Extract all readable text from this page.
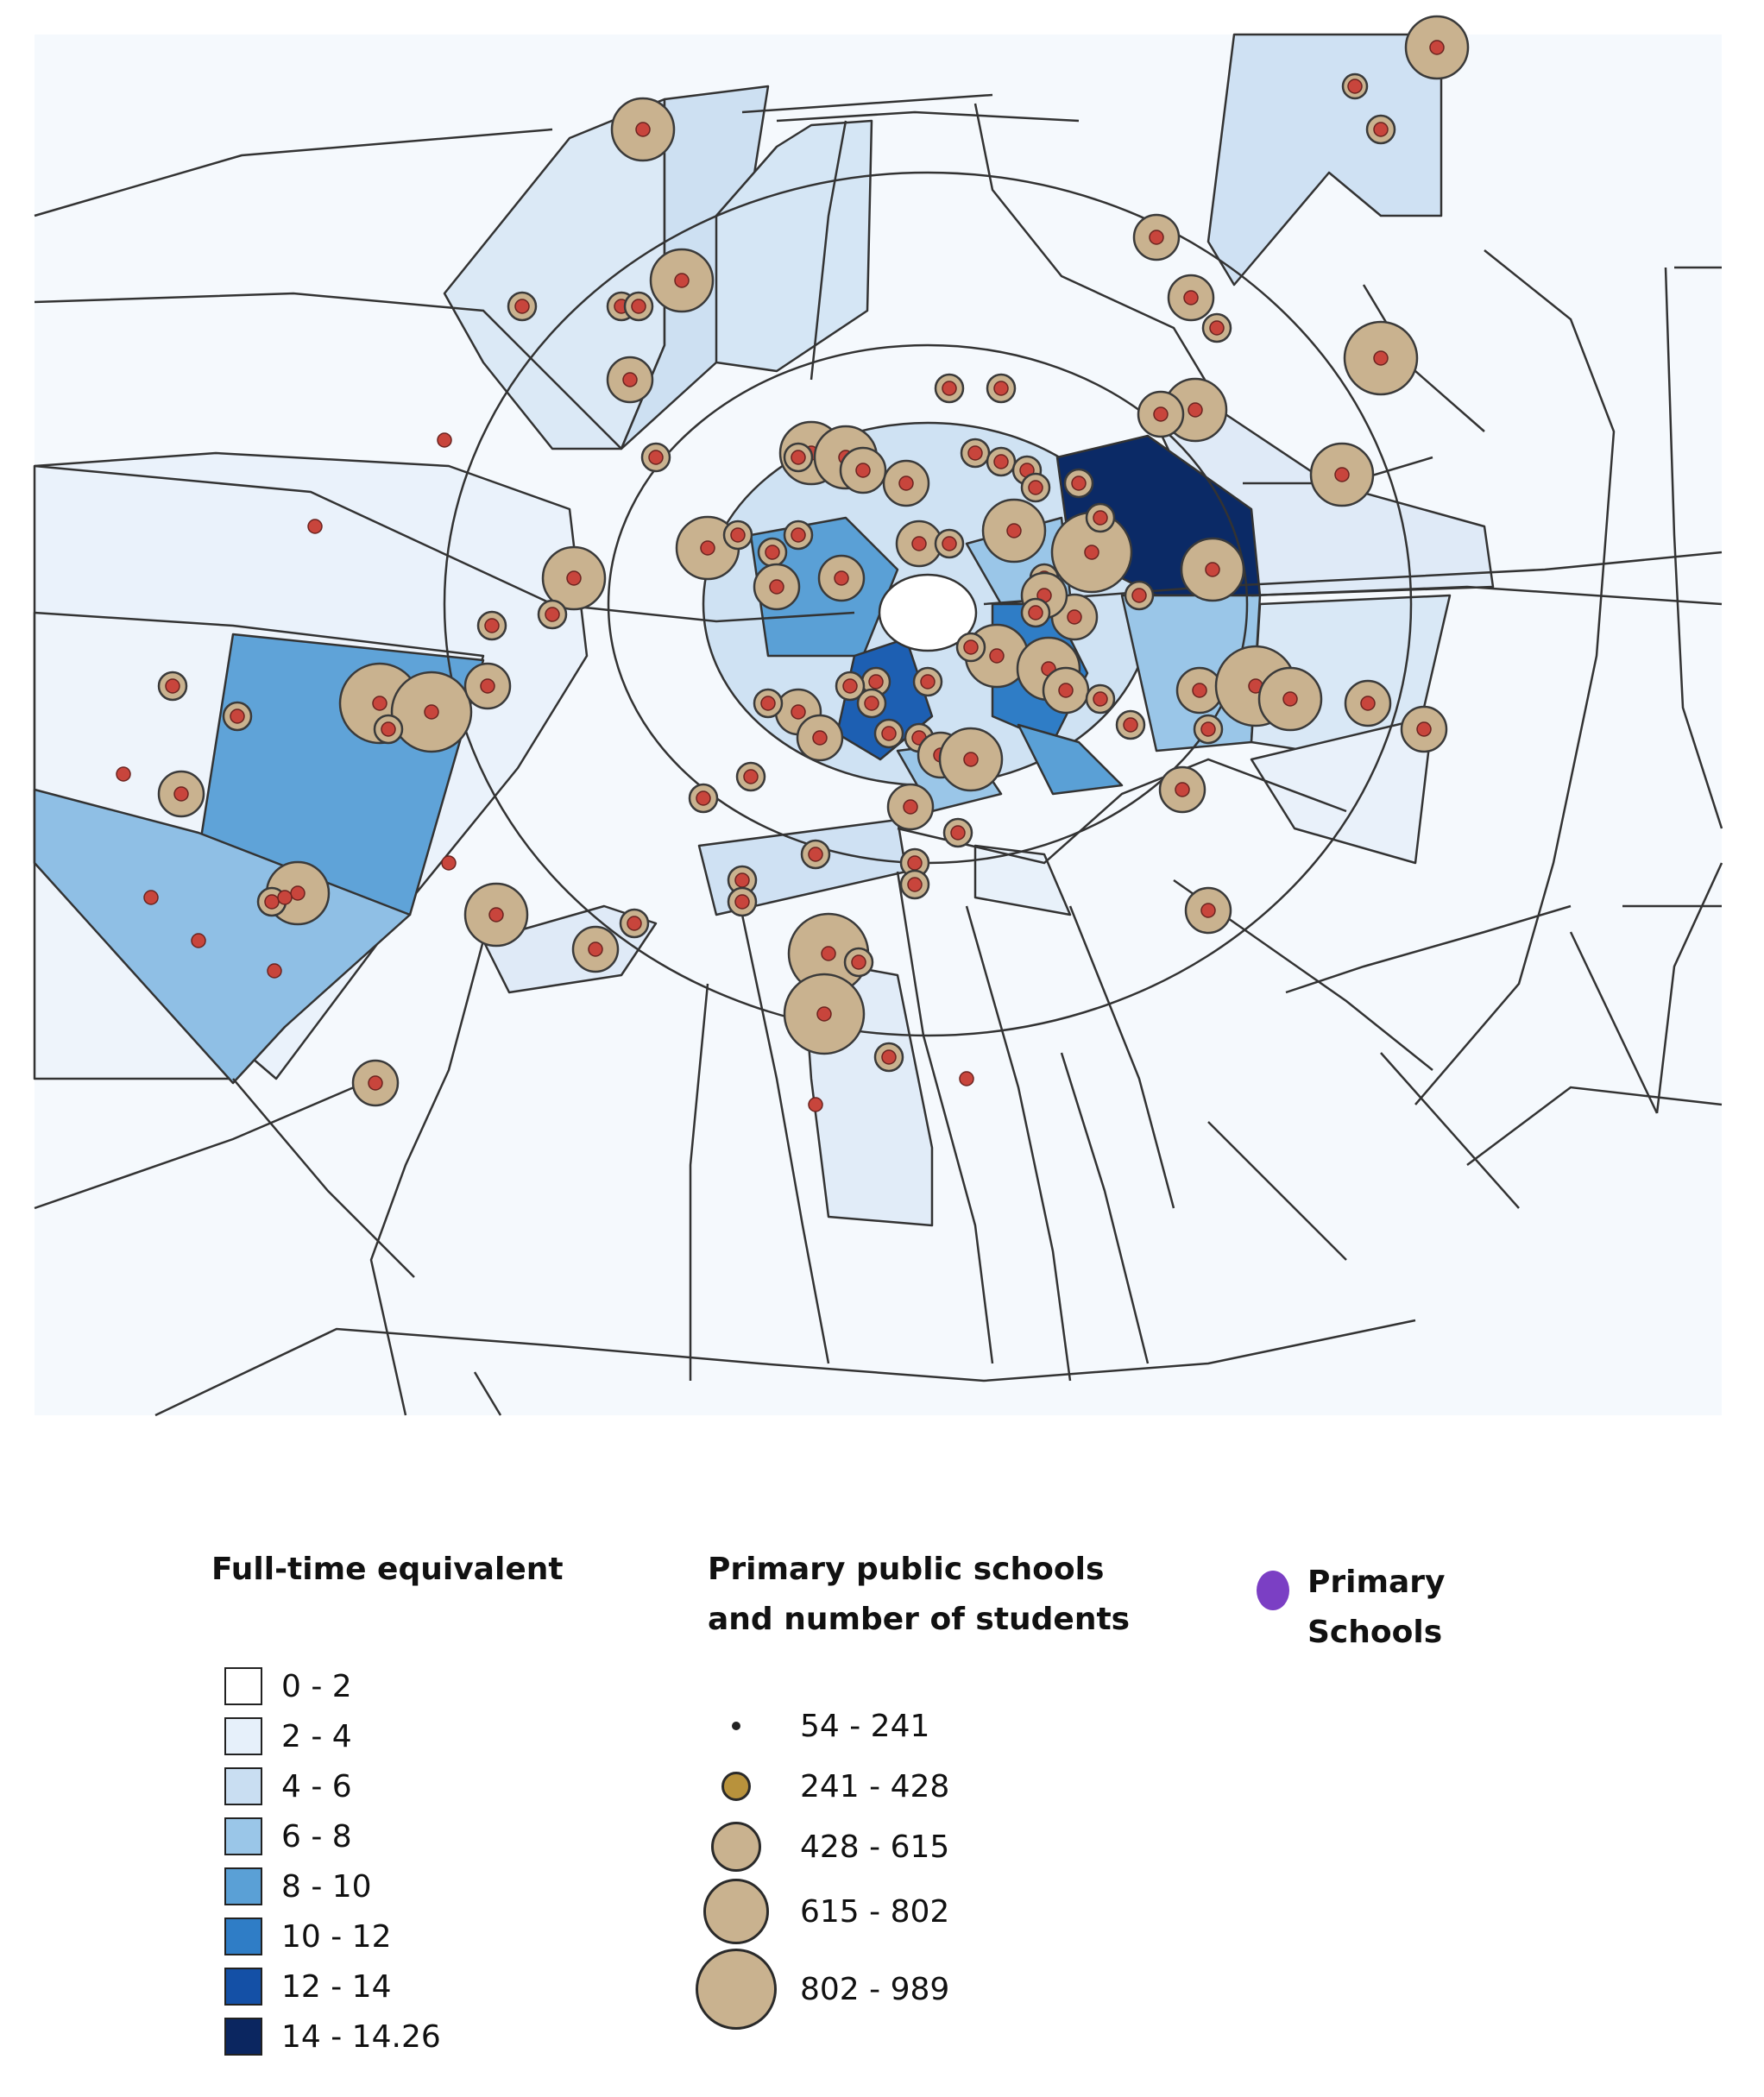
Full-time equivalent
0 - 2
2 - 4
4 - 6
6 - 8
8 - 10
10 - 12
12 - 14
14 - 14.26
Primary public schools
and number of students
54 - 241
241 - 428
428 - 615
615 - 802
802 - 989
Primary
Schools
